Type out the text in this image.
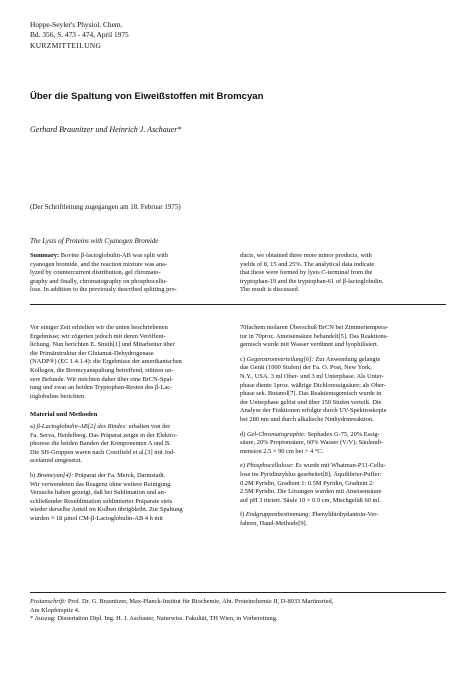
Hoppe-Seyler's Physiol. Chem.
Bd. 356, S. 473 - 474, April 1975
KURZMITTEILUNG
Über die Spaltung von Eiweißstoffen mit Bromcyan
Gerhard Braunitzer und Heinrich J. Aschauer*
(Der Schriftleitung zugegangen am 18. Februar 1975)
The Lysis of Proteins with Cyanogen Bromide

Summary: Bovine β-lactoglobulin-AB was split with

cyanogen bromide, and the reaction mixture was ana-

lyzed by countercurrent distribution, gel chromato-

graphy and finally, chromatography on phosphocellu-

lose. In addition to the previously described splitting pro-

ducts, we obtained three more minor products, with

yields of 8, 15 and 25%. The analytical data indicate

that these were formed by lysis C-terminal from the

tryptophan-19 and the tryptophan-61 of β-lactoglobulin.

The result is discussed.

Vor einiger Zeit erhielten wir die unten beschriebenen

Ergebnisse; wir zögerten jedoch mit deren Veröffent-

lichung. Nun berichten E. Smith[1] und Mitarbeiter über

die Primärstruktur der Glutamat-Dehydrogenase

(NADP®) (EC 1.4.1.4): die Ergebnisse der amerikanischen

Kollegen, die Bromcyanspaltung betreffend, stützen un-

sere Befunde. Wir möchten daher über eine BrCN-Spal-

tung und zwar an beiden Tryptophan-Resten des β-Lac-

toglobulins berichten.

Material und Methoden

a) β-Lactoglobulin-AB[2] des Rindes: erhalten von der

Fa. Serva, Heidelberg. Das Präparat zeigte in der Elektro-

phorese die beiden Banden der Komponenten A und B.

Die SH-Gruppen waren nach Crestfield et al.[3] mit Jod-

acetamid umgesetzt.

b) Bromcyan[4]: Präparat der Fa. Merck, Darmstadt.

Wir verwendeten das Reagenz ohne weitere Reinigung.

Versuche haben gezeigt, daß bei Sublimation und an-

schließender Resublimation sublimierter Präparate stets

wieder derselbe Anteil im Kolben übrigbleibt. Zur Spaltung

wurden ≡ 18 μmol CM-β-Lactoglobulin-AB 4 h mit

70fachem molaren Überschuß BrCN bei Zimmertempera-

tur in 70proz. Ameisensäure behandelt[5]. Das Reaktions-

gemisch wurde mit Wasser verdünnt und lyophilisiert.

c) Gegenstromverteilung[6]: Zur Anwendung gelangte

das Gerät (1000 Stufen) der Fa. O. Post, New York,

N.Y., USA. 3 ml Ober- und 3 ml Unterphase. Als Unter-

phase diente 1proz. wäßrige Dichloressigsäure; als Ober-

phase sek. Butanol[7]. Das Reaktionsgemisch wurde in

der Unterphase gelöst und über 150 Stufen verteilt. Die

Analyse der Fraktionen erfolgte durch UV-Spektroskopie

bei 280 nm und durch alkalische Ninhydrinreaktion.

d) Gel-Chromatographie: Sephadex G-75, 20% Essig-

säure, 20% Propionsäure, 60% Wasser (V/V); Säulendi-

mension 2.5 × 90 cm bei + 4 °C.

e) Phosphocellulose: Es wurde mit Whatman-P11-Cellu-

lose im Pyridinzyklus gearbeitet[8]; Äquilibrier-Puffer:

0.2M Pyridin, Gradient 1: 0.5M Pyridin, Gradient 2:

2.5M Pyridin. Die Lösungen wurden mit Ameisensäure

auf pH 3 titriert. Säule 10 × 0.9 cm, Mischgefäß 60 ml.

f) Endgruppenbestimmung: Phenylthiohydantoin-Ver-

fahren, Hand-Methode[9].

Postanschrift: Prof. Dr. G. Braunitzer, Max-Planck-Institut für Biochemie, Abt. Proteinchemie II, D-8033 Martinsried,
Am Klopferspitz 4.
* Auszug: Dissertation Dipl. Ing. H. J. Aschauer, Naturwiss. Fakultät, TH Wien, in Vorbereitung.
